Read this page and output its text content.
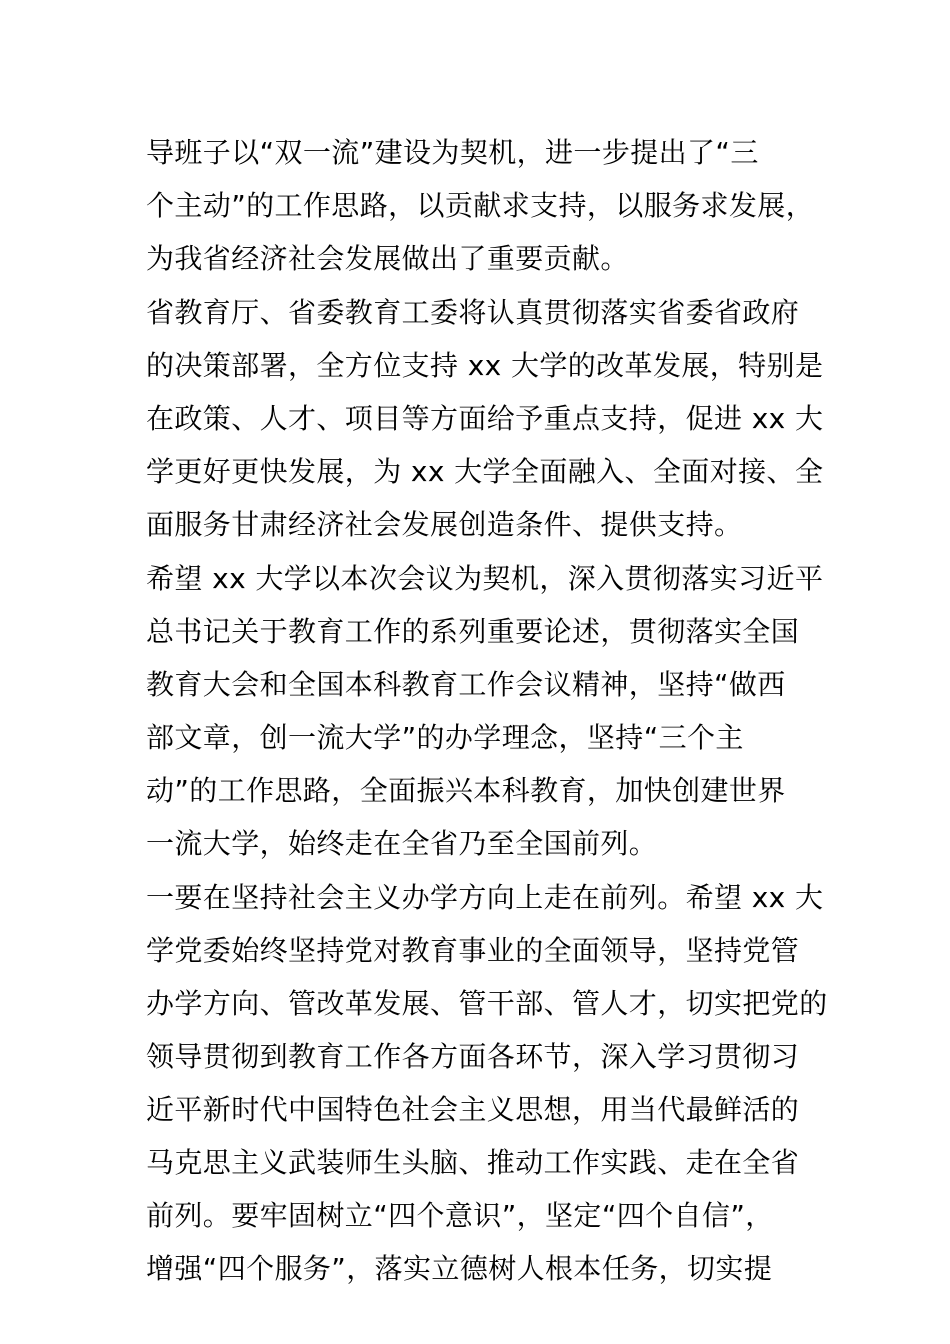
导班子以“双一流”建设为契机，进一步提出了“三
个主动”的工作思路，以贡献求支持，以服务求发展，
为我省经济社会发展做出了重要贡献。
省教育厅、省委教育工委将认真贯彻落实省委省政府
的决策部署，全方位支持 xx 大学的改革发展，特别是
在政策、人才、项目等方面给予重点支持，促进 xx 大
学更好更快发展，为 xx 大学全面融入、全面对接、全
面服务甘肃经济社会发展创造条件、提供支持。
希望 xx 大学以本次会议为契机，深入贯彻落实习近平
总书记关于教育工作的系列重要论述，贯彻落实全国
教育大会和全国本科教育工作会议精神，坚持“做西
部文章，创一流大学”的办学理念，坚持“三个主
动”的工作思路，全面振兴本科教育，加快创建世界
一流大学，始终走在全省乃至全国前列。
一要在坚持社会主义办学方向上走在前列。希望 xx 大
学党委始终坚持党对教育事业的全面领导，坚持党管
办学方向、管改革发展、管干部、管人才，切实把党的
领导贯彻到教育工作各方面各环节，深入学习贯彻习
近平新时代中国特色社会主义思想，用当代最鲜活的
马克思主义武装师生头脑、推动工作实践、走在全省
前列。要牢固树立“四个意识”，坚定“四个自信”，
增强“四个服务”，落实立德树人根本任务，切实提
